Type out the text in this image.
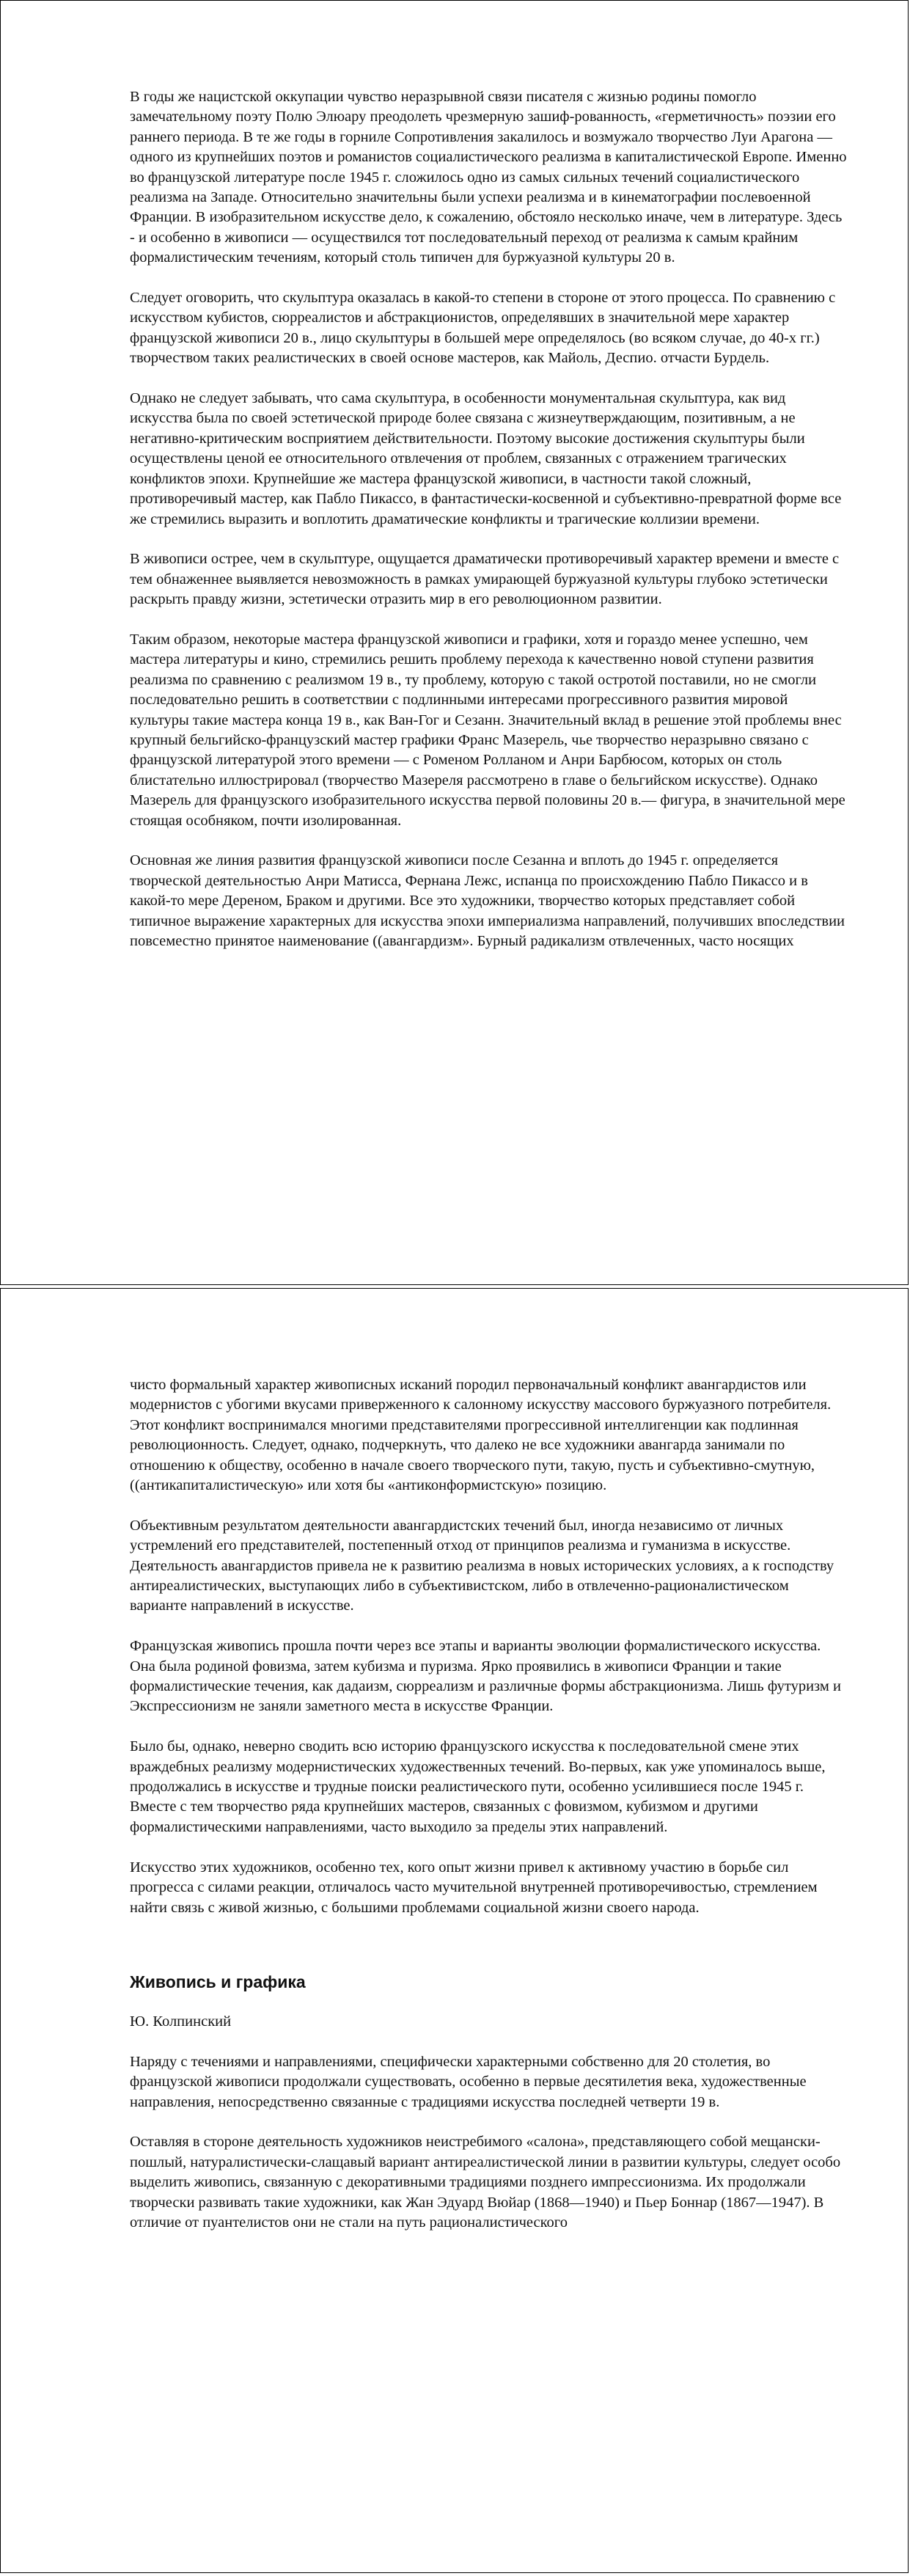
В годы же нацистской оккупации чувство неразрывной связи писателя с жизнью родины помогло замечательному поэту Полю Элюару преодолеть чрезмерную зашиф-рованность, «герметичность» поэзии его раннего периода. В те же годы в горниле Сопротивления закалилось и возмужало творчество Луи Арагона — одного из крупнейших поэтов и романистов социалистического реализма в капиталистической Европе. Именно во французской литературе после 1945 г. сложилось одно из самых сильных течений социалистического реализма на Западе. Относительно значительны были успехи реализма и в кинематографии послевоенной Франции. В изобразительном искусстве дело, к сожалению, обстояло несколько иначе, чем в литературе. Здесь - и особенно в живописи — осуществился тот последовательный переход от реализма к самым крайним формалистическим течениям, который столь типичен для буржуазной культуры 20 в.

Следует оговорить, что скульптура оказалась в какой-то степени в стороне от этого процесса. По сравнению с искусством кубистов, сюрреалистов и абстракционистов, определявших в значительной мере характер французской живописи 20 в., лицо скульптуры в большей мере определялось (во всяком случае, до 40-х гг.) творчеством таких реалистических в своей основе мастеров, как Майоль, Деспио. отчасти Бурдель.

Однако не следует забывать, что сама скульптура, в особенности монументальная скульптура, как вид искусства была по своей эстетической природе более связана с жизнеутверждающим, позитивным, а не негативно-критическим восприятием действительности. Поэтому высокие достижения скульптуры были осуществлены ценой ее относительного отвлечения от проблем, связанных с отражением трагических конфликтов эпохи. Крупнейшие же мастера французской живописи, в частности такой сложный, противоречивый мастер, как Пабло Пикассо, в фантастически-косвенной и субъективно-превратной форме все же стремились выразить и воплотить драматические конфликты и трагические коллизии времени.

В живописи острее, чем в скульптуре, ощущается драматически противоречивый характер времени и вместе с тем обнаженнее выявляется невозможность в рамках умирающей буржуазной культуры глубоко эстетически раскрыть правду жизни, эстетически отразить мир в его революционном развитии.

Таким образом, некоторые мастера французской живописи и графики, хотя и гораздо менее успешно, чем мастера литературы и кино, стремились решить проблему перехода к качественно новой ступени развития реализма по сравнению с реализмом 19 в., ту проблему, которую с такой остротой поставили, но не смогли последовательно решить в соответствии с подлинными интересами прогрессивного развития мировой культуры такие мастера конца 19 в., как Ван-Гог и Сезанн. Значительный вклад в решение этой проблемы внес крупный бельгийско-французский мастер графики Франс Мазерель, чье творчество неразрывно связано с французской литературой этого времени — с Роменом Ролланом и Анри Барбюсом, которых он столь блистательно иллюстрировал (творчество Мазереля рассмотрено в главе о бельгийском искусстве). Однако Мазерель для французского изобразительного искусства первой половины 20 в.— фигура, в значительной мере стоящая особняком, почти изолированная.

Основная же линия развития французской живописи после Сезанна и вплоть до 1945 г. определяется творческой деятельностью Анри Матисса, Фернана Лежс, испанца по происхождению Пабло Пикассо и в какой-то мере Дереном, Браком и другими. Все это художники, творчество которых представляет собой типичное выражение характерных для искусства эпохи империализма направлений, получивших впоследствии повсеместно принятое наименование ((авангардизм». Бурный радикализм отвлеченных, часто носящих

чисто формальный характер живописных исканий породил первоначальный конфликт авангардистов или модернистов с убогими вкусами приверженного к салонному искусству массового буржуазного потребителя. Этот конфликт воспринимался многими представителями прогрессивной интеллигенции как подлинная революционность. Следует, однако, подчеркнуть, что далеко не все художники авангарда занимали по отношению к обществу, особенно в начале своего творческого пути, такую, пусть и субъективно-смутную, ((антикапиталистическую» или хотя бы «антиконформистскую» позицию.

Объективным результатом деятельности авангардистских течений был, иногда независимо от личных устремлений его представителей, постепенный отход от принципов реализма и гуманизма в искусстве. Деятельность авангардистов привела не к развитию реализма в новых исторических условиях, а к господству антиреалистических, выступающих либо в субъективистском, либо в отвлеченно-рационалистическом варианте направлений в искусстве.

Французская живопись прошла почти через все этапы и варианты эволюции формалистического искусства. Она была родиной фовизма, затем кубизма и пуризма. Ярко проявились в живописи Франции и такие формалистические течения, как дадаизм, сюрреализм и различные формы абстракционизма. Лишь футуризм и Экспрессионизм не заняли заметного места в искусстве Франции.

Было бы, однако, неверно сводить всю историю французского искусства к последовательной смене этих враждебных реализму модернистических художественных течений. Во-первых, как уже упоминалось выше, продолжались в искусстве и трудные поиски реалистического пути, особенно усилившиеся после 1945 г. Вместе с тем творчество ряда крупнейших мастеров, связанных с фовизмом, кубизмом и другими формалистическими направлениями, часто выходило за пределы этих направлений.

Искусство этих художников, особенно тех, кого опыт жизни привел к активному участию в борьбе сил прогресса с силами реакции, отличалось часто мучительной внутренней противоречивостью, стремлением найти связь с живой жизнью, с большими проблемами социальной жизни своего народа.

Живопись и графика

Ю. Колпинский

Наряду с течениями и направлениями, специфически характерными собственно для 20 столетия, во французской живописи продолжали существовать, особенно в первые десятилетия века, художественные направления, непосредственно связанные с традициями искусства последней четверти 19 в.

Оставляя в стороне деятельность художников неистребимого «салона», представляющего собой мещански-пошлый, натуралистически-слащавый вариант антиреалистической линии в развитии культуры, следует особо выделить живопись, связанную с декоративными традициями позднего импрессионизма. Их продолжали творчески развивать такие художники, как Жан Эдуард Вюйар (1868—1940) и Пьер Боннар (1867—1947). В отличие от пуантелистов они не стали на путь рационалистического
